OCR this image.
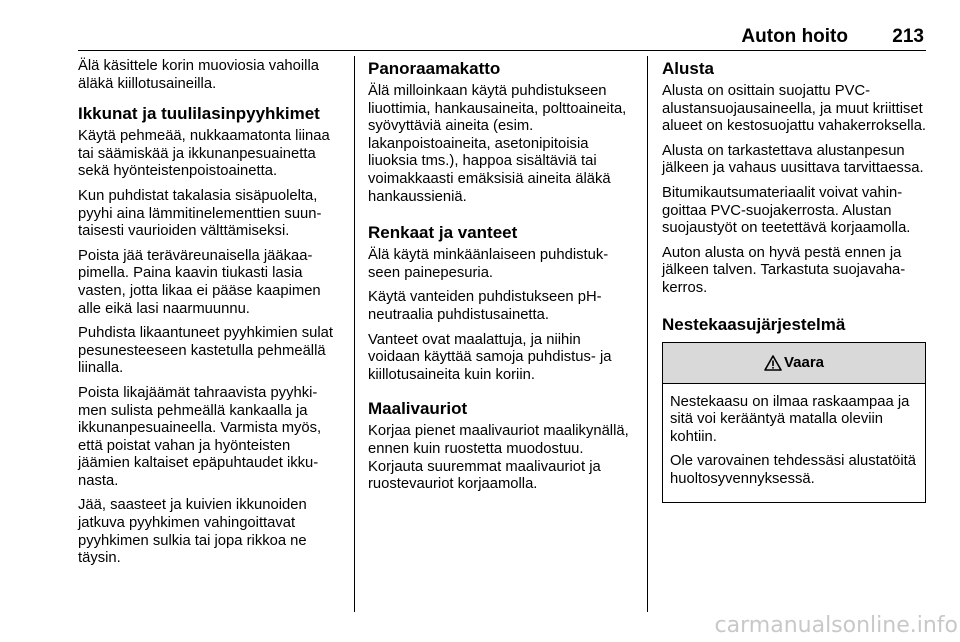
Auton hoito 213

Älä käsittele korin muoviosia vahoilla äläkä kiillotusaineilla.

Ikkunat ja tuulilasinpyyhkimet

Käytä pehmeää, nukkaamatonta liinaa tai säämiskää ja ikkunanpesuainetta sekä hyönteistenpoistoainetta.

Kun puhdistat takalasia sisäpuolelta, pyyhi aina lämmitinelementtien suuntaisesti vaurioiden välttämiseksi.

Poista jää teräväreunaisella jääkaapimella. Paina kaavin tiukasti lasia vasten, jotta likaa ei pääse kaapimen alle eikä lasi naarmuunnu.

Puhdista likaantuneet pyyhkimien sulat pesunesteeseen kastetulla pehmeällä liinalla.

Poista likajäämät tahraavista pyyhkimen sulista pehmeällä kankaalla ja ikkunanpesuaineella. Varmista myös, että poistat vahan ja hyönteisten jäämien kaltaiset epäpuhtaudet ikkunasta.

Jää, saasteet ja kuivien ikkunoiden jatkuva pyyhkimen vahingoittavat pyyhkimen sulkia tai jopa rikkoa ne täysin.

Panoraamakatto

Älä milloinkaan käytä puhdistukseen liuottimia, hankausaineita, polttoaineita, syövyttäviä aineita (esim. lakanpoistoaineita, asetonipitoisia liuoksia tms.), happoa sisältäviä tai voimakkaasti emäksisiä aineita äläkä hankaussieniä.

Renkaat ja vanteet

Älä käytä minkäänlaiseen puhdistukseen painepesuria.

Käytä vanteiden puhdistukseen pH-neutraalia puhdistusainetta.

Vanteet ovat maalattuja, ja niihin voidaan käyttää samoja puhdistus- ja kiillotusaineita kuin koriin.

Maalivauriot

Korjaa pienet maalivauriot maalikynällä, ennen kuin ruostetta muodostuu. Korjauta suuremmat maalivauriot ja ruostevauriot korjaamolla.

Alusta

Alusta on osittain suojattu PVC-alustansuojausaineella, ja muut kriittiset alueet on kestosuojattu vahakerroksella.

Alusta on tarkastettava alustanpesun jälkeen ja vahaus uusittava tarvittaessa.

Bitumikautsumateriaalit voivat vahingoittaa PVC-suojakerrosta. Alustan suojaustyöt on teetettävä korjaamolla.

Auton alusta on hyvä pestä ennen ja jälkeen talven. Tarkastuta suojavahakerros.

Nestekaasujärjestelmä
Vaara

Nestekaasu on ilmaa raskaampaa ja sitä voi kerääntyä matalla oleviin kohtiin.

Ole varovainen tehdessäsi alustatöitä huoltosyvennyksessä.

carmanualsonline.info
